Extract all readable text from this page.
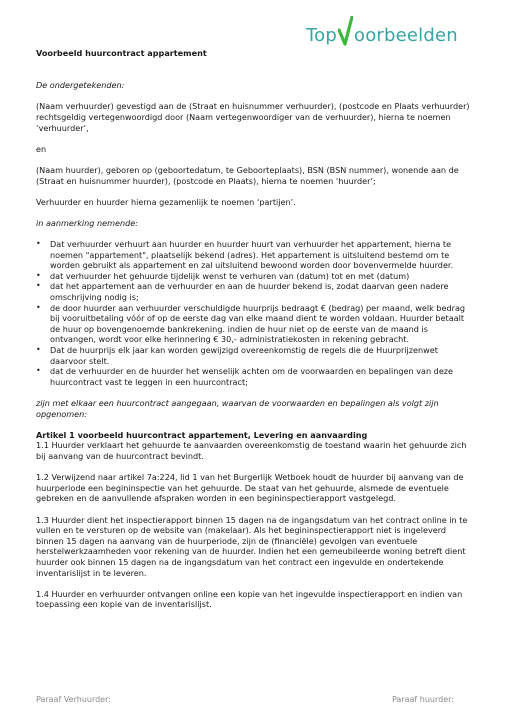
Top oorbeelden

Voorbeeld huurcontract appartement

De ondergetekenden:

(Naam verhuurder) gevestigd aan de (Straat en huisnummer verhuurder), (postcode en Plaats verhuurder) rechtsgeldig vertegenwoordigd door (Naam vertegenwoordiger van de verhuurder), hierna te noemen ‘verhuurder’,

en

(Naam huurder), geboren op (geboortedatum, te Geboorteplaats), BSN (BSN nummer), wonende aan de (Straat en huisnummer huurder), (postcode en Plaats), hierna te noemen ‘huurder’;

Verhuurder en huurder hierna gezamenlijk te noemen ‘partijen’.

in aanmerking nemende:

• Dat verhuurder verhuurt aan huurder en huurder huurt van verhuurder het appartement, hierna te noemen "appartement", plaatselijk bekend (adres). Het appartement is uitsluitend bestemd om te worden gebruikt als appartement en zal uitsluitend bewoond worden door bovenvermelde huurder.
• dat verhuurder het gehuurde tijdelijk wenst te verhuren van (datum) tot en met (datum)
• dat het appartement aan de verhuurder en aan de huurder bekend is, zodat daarvan geen nadere omschrijving nodig is;
• de door huurder aan verhuurder verschuldigde huurprijs bedraagt € (bedrag) per maand, welk bedrag bij vooruitbetaling vóór of op de eerste dag van elke maand dient te worden voldaan. Huurder betaalt de huur op bovengenoemde bankrekening. indien de huur niet op de eerste van de maand is ontvangen, wordt voor elke herinnering € 30,- administratiekosten in rekening gebracht.
• Dat de huurprijs elk jaar kan worden gewijzigd overeenkomstig de regels die de Huurprijzenwet daarvoor stelt.
• dat de verhuurder en de huurder het wenselijk achten om de voorwaarden en bepalingen van deze huurcontract vast te leggen in een huurcontract;

zijn met elkaar een huurcontract aangegaan, waarvan de voorwaarden en bepalingen als volgt zijn opgenomen:

Artikel 1 voorbeeld huurcontract appartement, Levering en aanvaarding

1.1 Huurder verklaart het gehuurde te aanvaarden overeenkomstig de toestand waarin het gehuurde zich bij aanvang van de huurcontract bevindt.

1.2 Verwijzend naar artikel 7a:224, lid 1 van het Burgerlijk Wetboek houdt de huurder bij aanvang van de huurperiode een begininspectie van het gehuurde. De staat van het gehuurde, alsmede de eventuele gebreken en de aanvullende afspraken worden in een begininspectierapport vastgelegd.

1.3 Huurder dient het inspectierapport binnen 15 dagen na de ingangsdatum van het contract online in te vullen en te versturen op de website van (makelaar). Als het begininspectierapport niet is ingeleverd binnen 15 dagen na aanvang van de huurperiode, zijn de (financiële) gevolgen van eventuele herstelwerkzaamheden voor rekening van de huurder. Indien het een gemeubileerde woning betreft dient huurder ook binnen 15 dagen na de ingangsdatum van het contract een ingevulde en ondertekende inventarislijst in te leveren.

1.4 Huurder en verhuurder ontvangen online een kopie van het ingevulde inspectierapport en indien van toepassing een kopie van de inventarislijst.

Paraaf Verhuurder:	Paraaf huurder:
